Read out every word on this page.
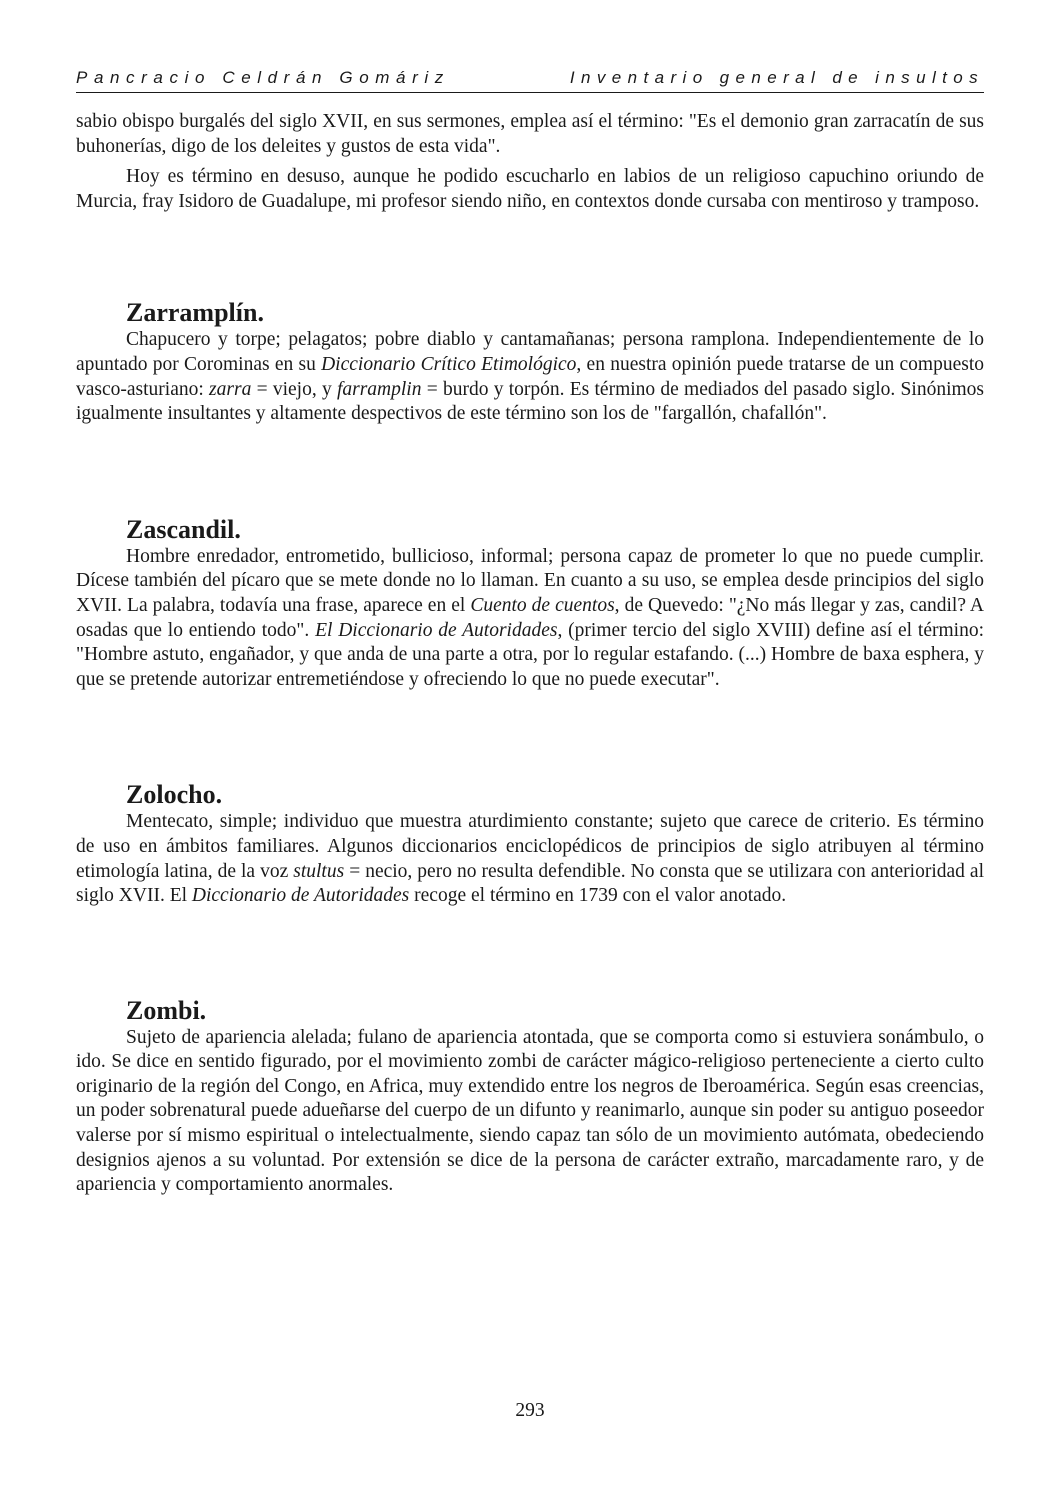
Pancracio Celdrán Gomáriz	Inventario general de insultos

sabio obispo burgalés del siglo XVII, en sus sermones, emplea así el término: "Es el demonio gran zarracatín de sus buhonerías, digo de los deleites y gustos de esta vida".

Hoy es término en desuso, aunque he podido escucharlo en labios de un religioso capuchino oriundo de Murcia, fray Isidoro de Guadalupe, mi profesor siendo niño, en contextos donde cursaba con mentiroso y tramposo.

Zarramplín.

Chapucero y torpe; pelagatos; pobre diablo y cantamañanas; persona ramplona. Independientemente de lo apuntado por Corominas en su Diccionario Crítico Etimológico, en nuestra opinión puede tratarse de un compuesto vasco-asturiano: zarra = viejo, y farramplin = burdo y torpón. Es término de mediados del pasado siglo. Sinónimos igualmente insultantes y altamente despectivos de este término son los de "fargallón, chafallón".

Zascandil.

Hombre enredador, entrometido, bullicioso, informal; persona capaz de prometer lo que no puede cumplir. Dícese también del pícaro que se mete donde no lo llaman. En cuanto a su uso, se emplea desde principios del siglo XVII. La palabra, todavía una frase, aparece en el Cuento de cuentos, de Quevedo: "¿No más llegar y zas, candil? A osadas que lo entiendo todo". El Diccionario de Autoridades, (primer tercio del siglo XVIII) define así el término: "Hombre astuto, engañador, y que anda de una parte a otra, por lo regular estafando. (...) Hombre de baxa esphera, y que se pretende autorizar entremetiéndose y ofreciendo lo que no puede executar".

Zolocho.

Mentecato, simple; individuo que muestra aturdimiento constante; sujeto que carece de criterio. Es término de uso en ámbitos familiares. Algunos diccionarios enciclopédicos de principios de siglo atribuyen al término etimología latina, de la voz stultus = necio, pero no resulta defendible. No consta que se utilizara con anterioridad al siglo XVII. El Diccionario de Autoridades recoge el término en 1739 con el valor anotado.

Zombi.

Sujeto de apariencia alelada; fulano de apariencia atontada, que se comporta como si estuviera sonámbulo, o ido. Se dice en sentido figurado, por el movimiento zombi de carácter mágico-religioso perteneciente a cierto culto originario de la región del Congo, en Africa, muy extendido entre los negros de Iberoamérica. Según esas creencias, un poder sobrenatural puede adueñarse del cuerpo de un difunto y reanimarlo, aunque sin poder su antiguo poseedor valerse por sí mismo espiritual o intelectualmente, siendo capaz tan sólo de un movimiento autómata, obedeciendo designios ajenos a su voluntad. Por extensión se dice de la persona de carácter extraño, marcadamente raro, y de apariencia y comportamiento anormales.

293
